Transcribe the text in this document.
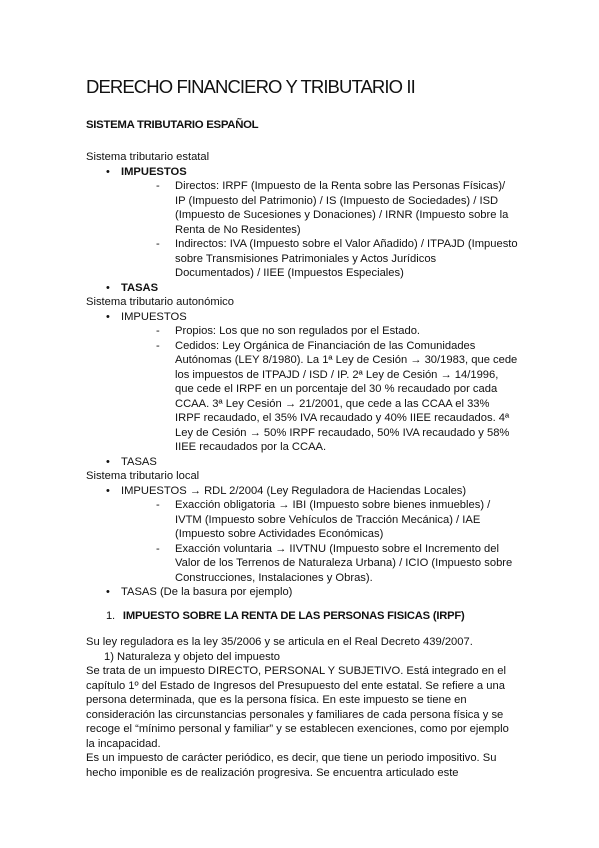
DERECHO FINANCIERO Y TRIBUTARIO II
SISTEMA TRIBUTARIO ESPAÑOL

Sistema tributario estatal

• IMPUESTOS
- Directos: IRPF (Impuesto de la Renta sobre las Personas Físicas)/ IP (Impuesto del Patrimonio) / IS (Impuesto de Sociedades) / ISD (Impuesto de Sucesiones y Donaciones) / IRNR (Impuesto sobre la Renta de No Residentes)
- Indirectos: IVA (Impuesto sobre el Valor Añadido) / ITPAJD (Impuesto sobre Transmisiones Patrimoniales y Actos Jurídicos Documentados) / IIEE (Impuestos Especiales)
• TASAS

Sistema tributario autonómico

• IMPUESTOS
- Propios: Los que no son regulados por el Estado.
- Cedidos: Ley Orgánica de Financiación de las Comunidades Autónomas (LEY 8/1980). La 1ª Ley de Cesión → 30/1983, que cede los impuestos de ITPAJD / ISD / IP. 2ª Ley de Cesión → 14/1996, que cede el IRPF en un porcentaje del 30 % recaudado por cada CCAA. 3ª Ley Cesión → 21/2001, que cede a las CCAA el 33% IRPF recaudado, el 35% IVA recaudado y 40% IIEE recaudados. 4ª Ley de Cesión → 50% IRPF recaudado, 50% IVA recaudado y 58% IIEE recaudados por la CCAA.
• TASAS

Sistema tributario local

• IMPUESTOS → RDL 2/2004 (Ley Reguladora de Haciendas Locales)
- Exacción obligatoria → IBI (Impuesto sobre bienes inmuebles) / IVTM (Impuesto sobre Vehículos de Tracción Mecánica) / IAE (Impuesto sobre Actividades Económicas)
- Exacción voluntaria → IIVTNU (Impuesto sobre el Incremento del Valor de los Terrenos de Naturaleza Urbana) / ICIO (Impuesto sobre Construcciones, Instalaciones y Obras).
• TASAS (De la basura por ejemplo)
1. IMPUESTO SOBRE LA RENTA DE LAS PERSONAS FISICAS (IRPF)

Su ley reguladora es la ley 35/2006 y se articula en el Real Decreto 439/2007.

1) Naturaleza y objeto del impuesto

Se trata de un impuesto DIRECTO, PERSONAL Y SUBJETIVO. Está integrado en el capítulo 1º del Estado de Ingresos del Presupuesto del ente estatal. Se refiere a una persona determinada, que es la persona física. En este impuesto se tiene en consideración las circunstancias personales y familiares de cada persona física y se recoge el “mínimo personal y familiar” y se establecen exenciones, como por ejemplo la incapacidad.

Es un impuesto de carácter periódico, es decir, que tiene un periodo impositivo. Su hecho imponible es de realización progresiva. Se encuentra articulado este
